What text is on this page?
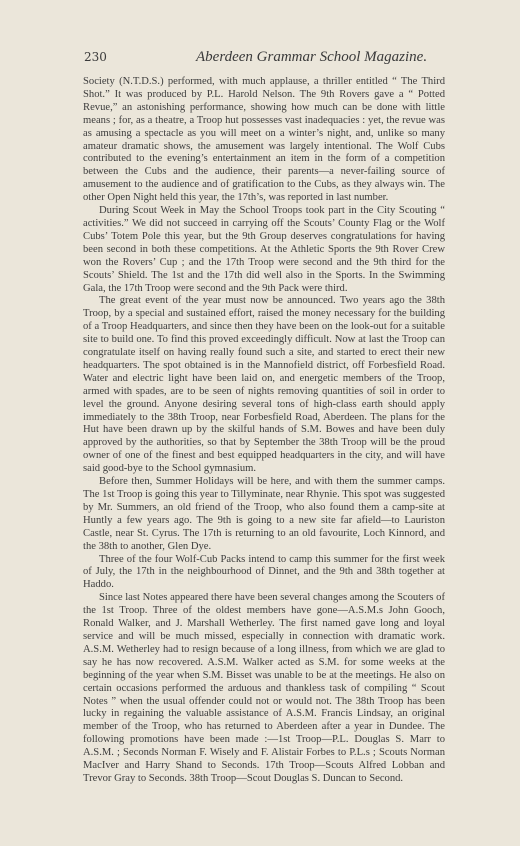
230	Aberdeen Grammar School Magazine.

Society (N.T.D.S.) performed, with much applause, a thriller entitled “ The Third Shot.” It was produced by P.L. Harold Nelson. The 9th Rovers gave a “ Potted Revue,” an astonishing performance, showing how much can be done with little means ; for, as a theatre, a Troop hut possesses vast inadequacies : yet, the revue was as amusing a spectacle as you will meet on a winter’s night, and, unlike so many amateur dramatic shows, the amusement was largely intentional. The Wolf Cubs contributed to the evening’s entertainment an item in the form of a competition between the Cubs and the audience, their parents—a never-failing source of amusement to the audience and of gratification to the Cubs, as they always win. The other Open Night held this year, the 17th’s, was reported in last number.

During Scout Week in May the School Troops took part in the City Scouting “ activities.” We did not succeed in carrying off the Scouts’ County Flag or the Wolf Cubs’ Totem Pole this year, but the 9th Group deserves congratulations for having been second in both these competitions. At the Athletic Sports the 9th Rover Crew won the Rovers’ Cup ; and the 17th Troop were second and the 9th third for the Scouts’ Shield. The 1st and the 17th did well also in the Sports. In the Swimming Gala, the 17th Troop were second and the 9th Pack were third.

The great event of the year must now be announced. Two years ago the 38th Troop, by a special and sustained effort, raised the money necessary for the building of a Troop Headquarters, and since then they have been on the look-out for a suitable site to build one. To find this proved exceedingly difficult. Now at last the Troop can congratulate itself on having really found such a site, and started to erect their new headquarters. The spot obtained is in the Mannofield district, off Forbesfield Road. Water and electric light have been laid on, and energetic members of the Troop, armed with spades, are to be seen of nights removing quantities of soil in order to level the ground. Anyone desiring several tons of high-class earth should apply immediately to the 38th Troop, near Forbesfield Road, Aberdeen. The plans for the Hut have been drawn up by the skilful hands of S.M. Bowes and have been duly approved by the authorities, so that by September the 38th Troop will be the proud owner of one of the finest and best equipped headquarters in the city, and will have said good-bye to the School gymnasium.

Before then, Summer Holidays will be here, and with them the summer camps. The 1st Troop is going this year to Tillyminate, near Rhynie. This spot was suggested by Mr. Summers, an old friend of the Troop, who also found them a camp-site at Huntly a few years ago. The 9th is going to a new site far afield—to Lauriston Castle, near St. Cyrus. The 17th is returning to an old favourite, Loch Kinnord, and the 38th to another, Glen Dye.

Three of the four Wolf-Cub Packs intend to camp this summer for the first week of July, the 17th in the neighbourhood of Dinnet, and the 9th and 38th together at Haddo.

Since last Notes appeared there have been several changes among the Scouters of the 1st Troop. Three of the oldest members have gone—A.S.M.s John Gooch, Ronald Walker, and J. Marshall Wetherley. The first named gave long and loyal service and will be much missed, especially in connection with dramatic work. A.S.M. Wetherley had to resign because of a long illness, from which we are glad to say he has now recovered. A.S.M. Walker acted as S.M. for some weeks at the beginning of the year when S.M. Bisset was unable to be at the meetings. He also on certain occasions performed the arduous and thankless task of compiling “ Scout Notes ” when the usual offender could not or would not. The 38th Troop has been lucky in regaining the valuable assistance of A.S.M. Francis Lindsay, an original member of the Troop, who has returned to Aberdeen after a year in Dundee. The following promotions have been made :—1st Troop—P.L. Douglas S. Marr to A.S.M. ; Seconds Norman F. Wisely and F. Alistair Forbes to P.L.s ; Scouts Norman MacIver and Harry Shand to Seconds. 17th Troop—Scouts Alfred Lobban and Trevor Gray to Seconds. 38th Troop—Scout Douglas S. Duncan to Second.
